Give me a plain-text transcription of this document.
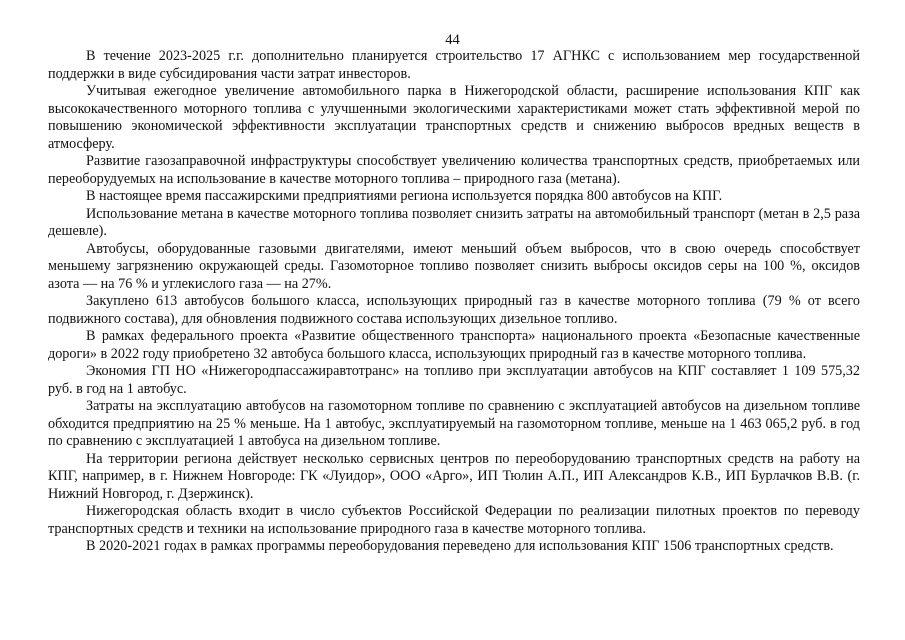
44

В течение 2023-2025 г.г. дополнительно планируется строительство 17 АГНКС с использованием мер государственной поддержки в виде субсидирования части затрат инвесторов.

Учитывая ежегодное увеличение автомобильного парка в Нижегородской области, расширение использования КПГ как высококачественного моторного топлива с улучшенными экологическими характеристиками может стать эффективной мерой по повышению экономической эффективности эксплуатации транспортных средств и снижению выбросов вредных веществ в атмосферу.

Развитие газозаправочной инфраструктуры способствует увеличению количества транспортных средств, приобретаемых или переоборудуемых на использование в качестве моторного топлива – природного газа (метана).

В настоящее время пассажирскими предприятиями региона используется порядка 800 автобусов на КПГ.

Использование метана в качестве моторного топлива позволяет снизить затраты на автомобильный транспорт (метан в 2,5 раза дешевле).

Автобусы, оборудованные газовыми двигателями, имеют меньший объем выбросов, что в свою очередь способствует меньшему загрязнению окружающей среды. Газомоторное топливо позволяет снизить выбросы оксидов серы на 100 %, оксидов азота — на 76 % и углекислого газа — на 27%.

Закуплено 613 автобусов большого класса, использующих природный газ в качестве моторного топлива (79 % от всего подвижного состава), для обновления подвижного состава использующих дизельное топливо.

В рамках федерального проекта «Развитие общественного транспорта» национального проекта «Безопасные качественные дороги» в 2022 году приобретено 32 автобуса большого класса, использующих природный газ в качестве моторного топлива.

Экономия ГП НО «Нижегородпассажиравтотранс» на топливо при эксплуатации автобусов на КПГ составляет 1 109 575,32 руб. в год на 1 автобус.

Затраты на эксплуатацию автобусов на газомоторном топливе по сравнению с эксплуатацией автобусов на дизельном топливе обходится предприятию на 25 % меньше. На 1 автобус, эксплуатируемый на газомоторном топливе, меньше на 1 463 065,2 руб. в год по сравнению с эксплуатацией 1 автобуса на дизельном топливе.

На территории региона действует несколько сервисных центров по переоборудованию транспортных средств на работу на КПГ, например, в г. Нижнем Новгороде: ГК «Луидор», ООО «Арго», ИП Тюлин А.П., ИП Александров К.В., ИП Бурлачков В.В. (г. Нижний Новгород, г. Дзержинск).

Нижегородская область входит в число субъектов Российской Федерации по реализации пилотных проектов по переводу транспортных средств и техники на использование природного газа в качестве моторного топлива.

В 2020-2021 годах в рамках программы переоборудования переведено для использования КПГ 1506 транспортных средств.
